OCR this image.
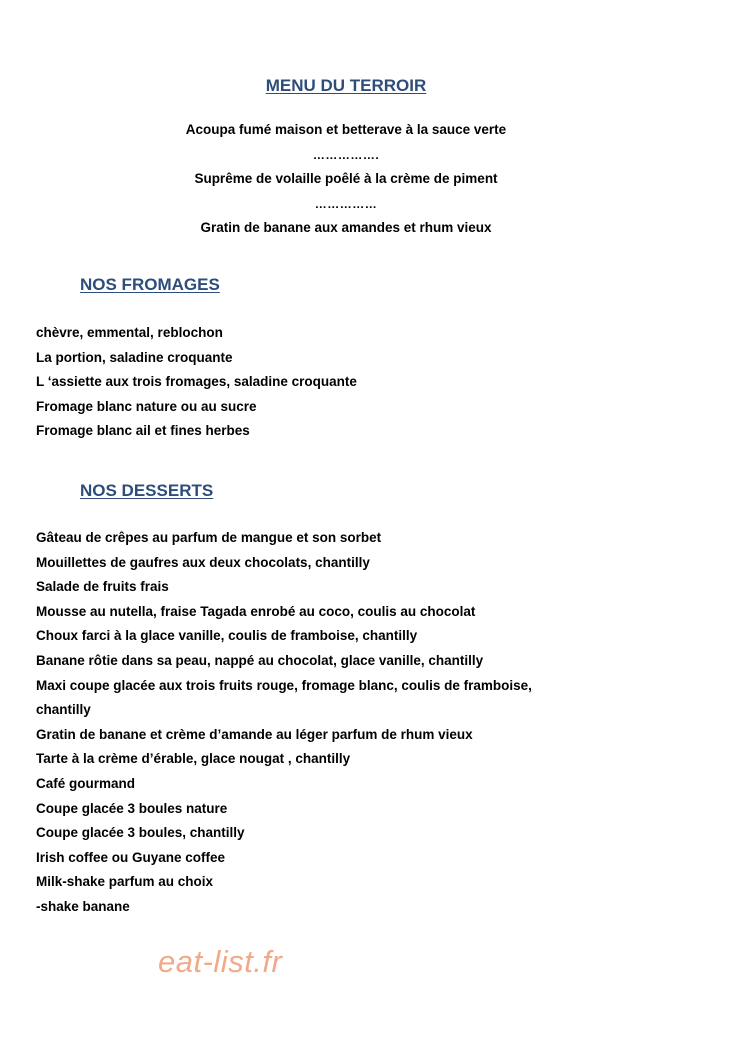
MENU DU TERROIR
Acoupa fumé maison et betterave à la sauce verte
…………….
Suprême de volaille poêlé à la crème de piment
……………
Gratin de banane aux amandes et rhum vieux
NOS FROMAGES
chèvre, emmental, reblochon
La portion, saladine croquante
L ‘assiette aux trois fromages, saladine croquante
Fromage blanc nature ou au sucre
Fromage blanc ail et fines herbes
NOS DESSERTS
Gâteau de crêpes au parfum de mangue et son sorbet
Mouillettes de gaufres aux deux chocolats, chantilly
Salade de fruits frais
Mousse au nutella, fraise Tagada enrobé au coco, coulis au chocolat
Choux farci à la glace vanille, coulis de framboise, chantilly
Banane rôtie dans sa peau, nappé au chocolat, glace vanille, chantilly
Maxi coupe glacée aux trois fruits rouge, fromage blanc, coulis de framboise,
chantilly
Gratin de banane et crème d’amande au léger parfum de rhum vieux
Tarte à la crème d’érable, glace nougat , chantilly
Café gourmand
Coupe glacée 3 boules nature
Coupe glacée 3 boules, chantilly
Irish coffee ou Guyane coffee
Milk-shake parfum au choix
-shake banane
eat-list.fr
